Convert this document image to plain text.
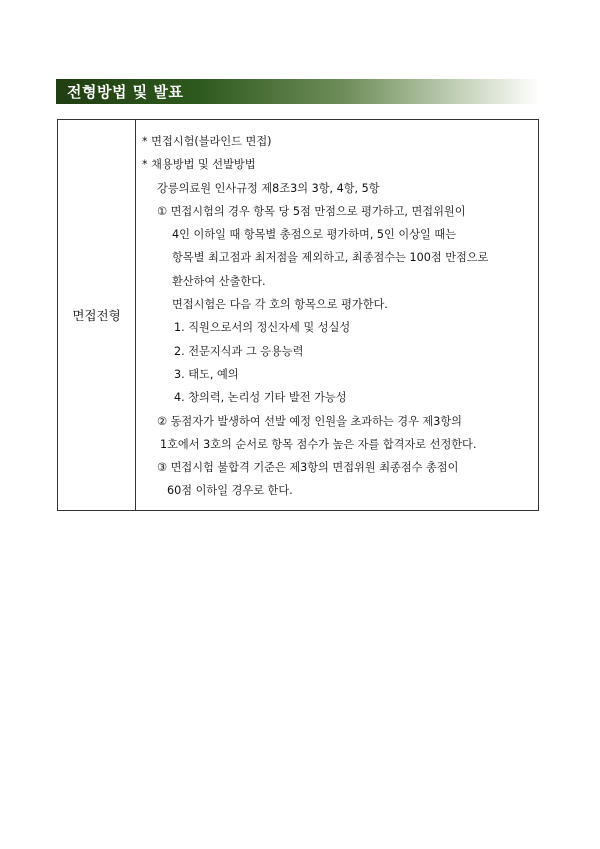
전형방법 및 발표
면접전형
* 면접시험(블라인드 면접)
* 채용방법 및 선발방법
강릉의료원 인사규정 제8조3의 3항, 4항, 5항
① 면접시험의 경우 항목 당 5점 만점으로 평가하고, 면접위원이
4인 이하일 때 항목별 총점으로 평가하며, 5인 이상일 때는
항목별 최고점과 최저점을 제외하고, 최종점수는 100점 만점으로
환산하여 산출한다.
면접시험은 다음 각 호의 항목으로 평가한다.
1. 직원으로서의 정신자세 및 성실성
2. 전문지식과 그 응용능력
3. 태도, 예의
4. 창의력, 논리성 기타 발전 가능성
② 동점자가 발생하여 선발 예정 인원을 초과하는 경우 제3항의
1호에서 3호의 순서로 항목 점수가 높은 자를 합격자로 선정한다.
③ 면접시험 불합격 기준은 제3항의 면접위원 최종점수 총점이
60점 이하일 경우로 한다.
